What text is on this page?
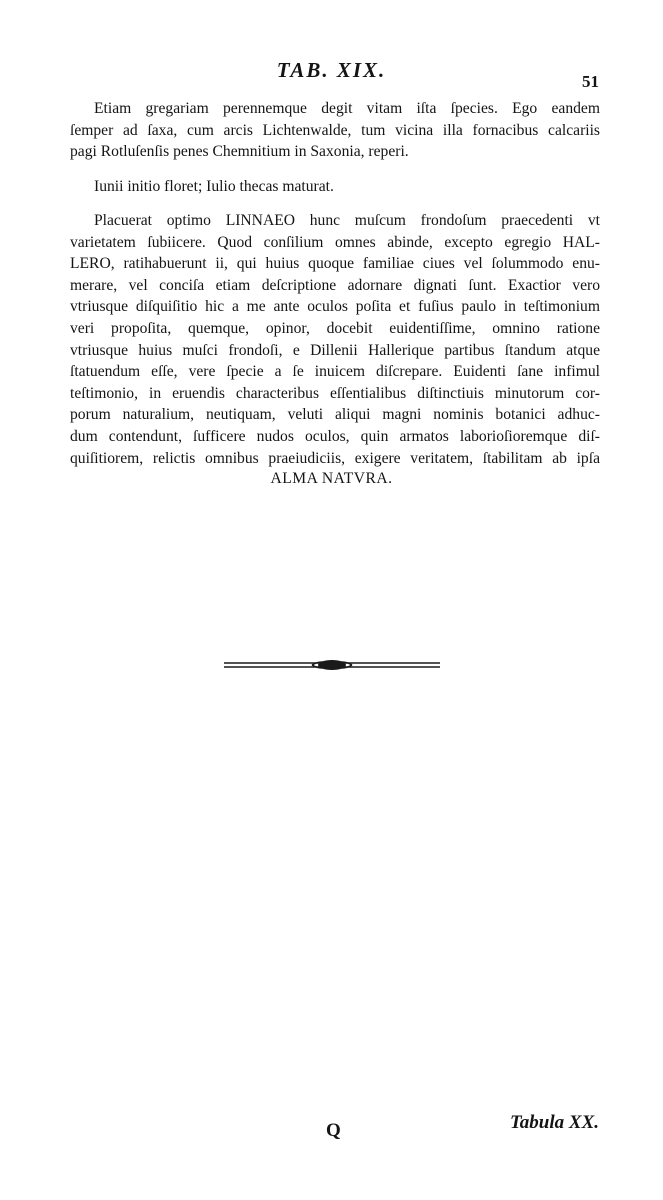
TAB. XIX.	51

Etiam gregariam perennemque degit vitam iſta ſpecies. Ego eandem

ſemper ad ſaxa, cum arcis Lichtenwalde, tum vicina illa fornacibus calcariis

pagi Rotluſenſis penes Chemnitium in Saxonia, reperi.

Iunii initio floret; Iulio thecas maturat.

Placuerat optimo LINNAEO hunc muſcum frondoſum praecedenti vt

varietatem ſubiicere. Quod conſilium omnes abinde, excepto egregio HAL-

LERO, ratihabuerunt ii, qui huius quoque familiae ciues vel ſolummodo enu-

merare, vel conciſa etiam deſcriptione adornare dignati ſunt. Exactior vero

vtriusque diſquiſitio hic a me ante oculos poſita et fuſius paulo in teſtimonium

veri propoſita, quemque, opinor, docebit euidentiſſime, omnino ratione

vtriusque huius muſci frondoſi, e Dillenii Hallerique partibus ſtandum atque

ſtatuendum eſſe, vere ſpecie a ſe inuicem diſcrepare. Euidenti ſane infimul

teſtimonio, in eruendis characteribus eſſentialibus diſtinctiuis minutorum cor-

porum naturalium, neutiquam, veluti aliqui magni nominis botanici adhuc-

dum contendunt, ſufficere nudos oculos, quin armatos laborioſioremque diſ-

quiſitiorem, relictis omnibus praeiudiciis, exigere veritatem, ſtabilitam ab ipſa

ALMA NATVRA.
Q	Tabula XX.
